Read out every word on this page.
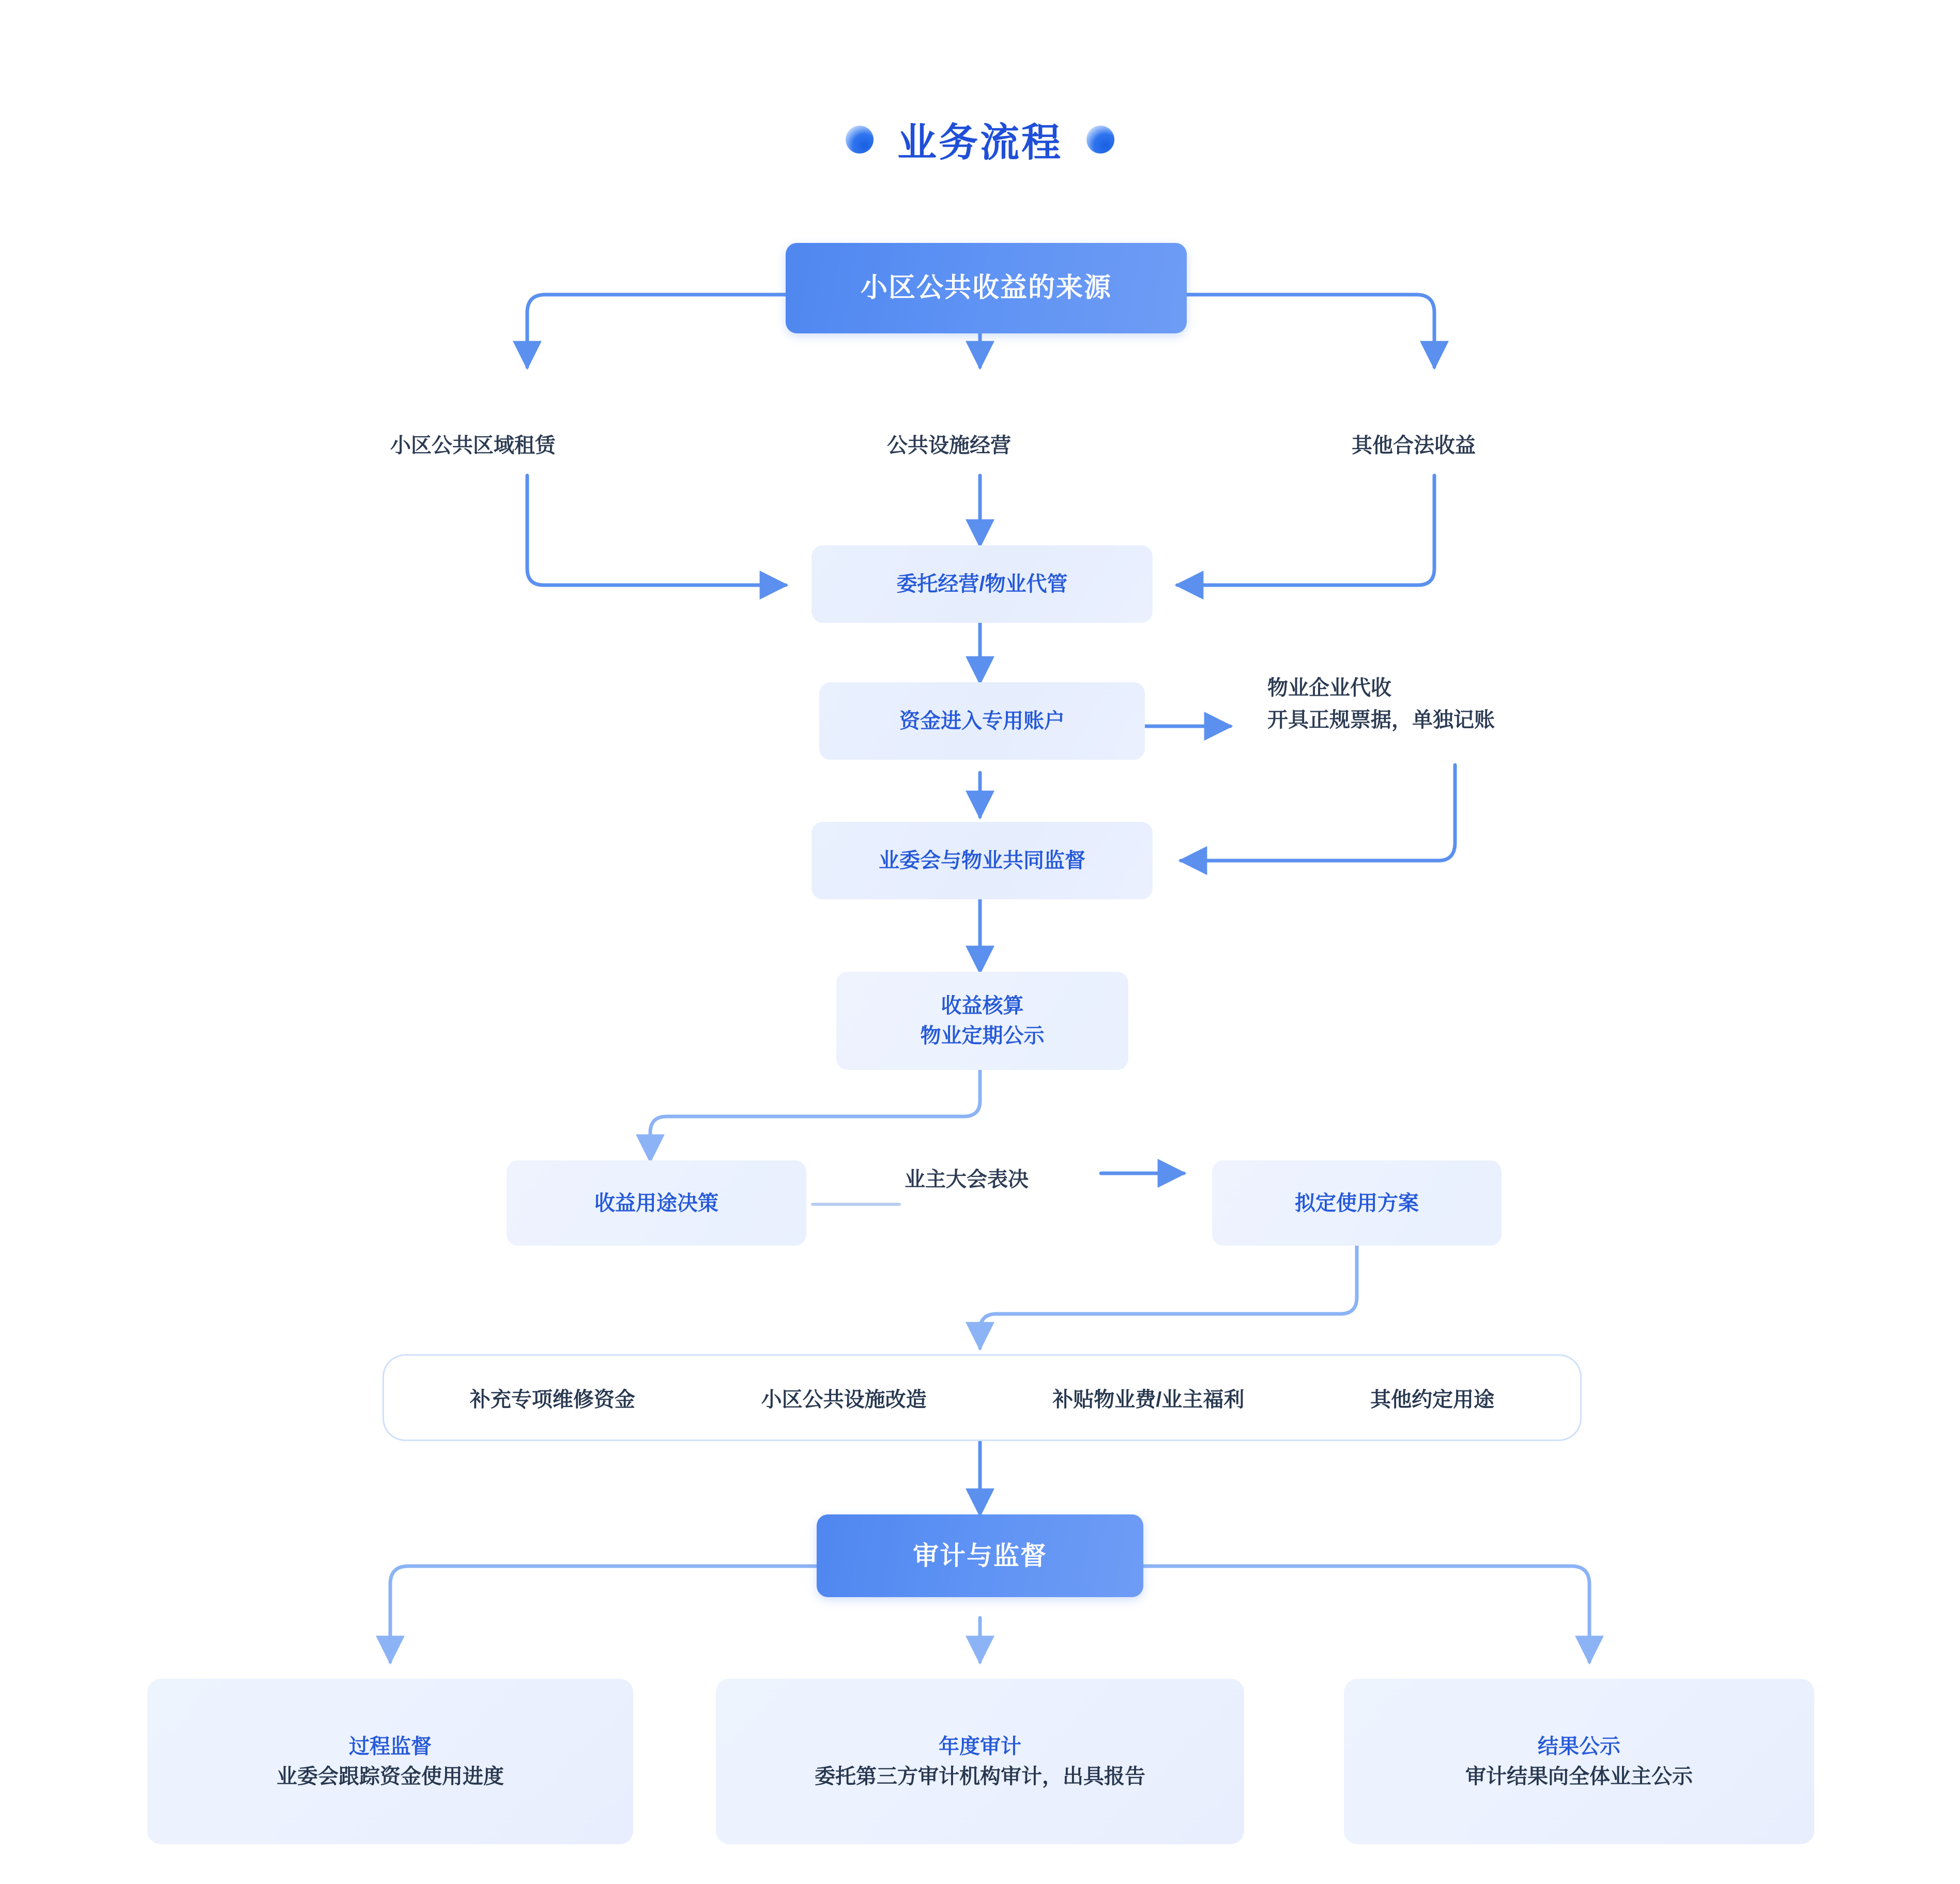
业务流程
小区公共收益的来源
小区公共区域租赁	公共设施经营	其他合法收益
委托经营/物业代管
资金进入专用账户
物业企业代收
开具正规票据，单独记账
业委会与物业共同监督
收益核算
物业定期公示
收益用途决策
业主大会表决
拟定使用方案
补充专项维修资金	小区公共设施改造	补贴物业费/业主福利	其他约定用途
审计与监督
过程监督
业委会跟踪资金使用进度
年度审计
委托第三方审计机构审计，出具报告
结果公示
审计结果向全体业主公示
